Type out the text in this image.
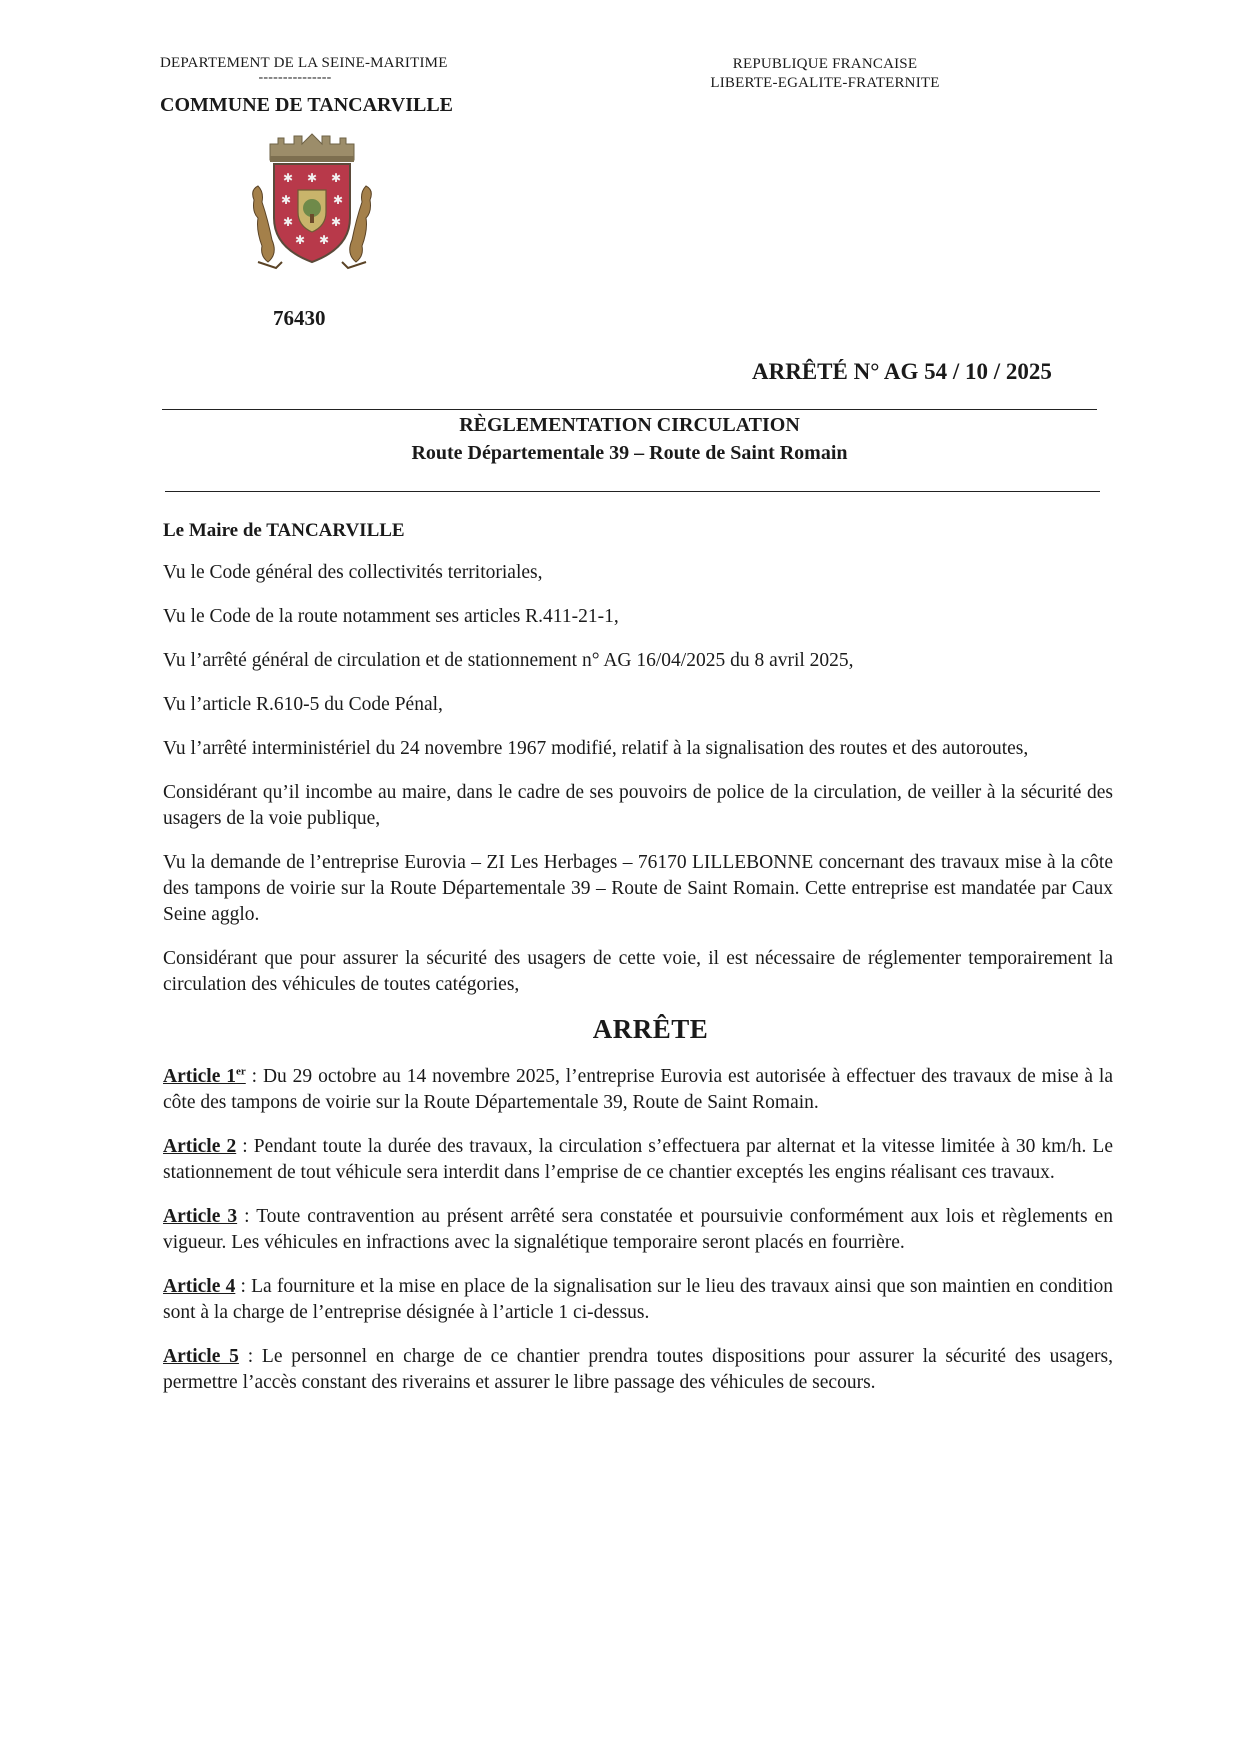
DEPARTEMENT DE LA SEINE-MARITIME
---------------
COMMUNE DE TANCARVILLE
REPUBLIQUE FRANCAISE
LIBERTE-EGALITE-FRATERNITE
✱ ✱ ✱
✱	✱
✱	✱
✱ ✱
76430
ARRÊTÉ N° AG 54 / 10 / 2025
RÈGLEMENTATION CIRCULATION
Route Départementale 39 – Route de Saint Romain
Le Maire de TANCARVILLE

Vu le Code général des collectivités territoriales,

Vu le Code de la route notamment ses articles R.411-21-1,

Vu l’arrêté général de circulation et de stationnement n° AG 16/04/2025 du 8 avril 2025,

Vu l’article R.610-5 du Code Pénal,

Vu l’arrêté interministériel du 24 novembre 1967 modifié, relatif à la signalisation des routes et des autoroutes,

Considérant qu’il incombe au maire, dans le cadre de ses pouvoirs de police de la circulation, de veiller à la sécurité des usagers de la voie publique,

Vu la demande de l’entreprise Eurovia – ZI Les Herbages – 76170 LILLEBONNE concernant des travaux mise à la côte des tampons de voirie sur la Route Départementale 39 – Route de Saint Romain. Cette entreprise est mandatée par Caux Seine agglo.

Considérant que pour assurer la sécurité des usagers de cette voie, il est nécessaire de réglementer temporairement la circulation des véhicules de toutes catégories,

ARRÊTE

Article 1er : Du 29 octobre au 14 novembre 2025, l’entreprise Eurovia est autorisée à effectuer des travaux de mise à la côte des tampons de voirie sur la Route Départementale 39, Route de Saint Romain.

Article 2 : Pendant toute la durée des travaux, la circulation s’effectuera par alternat et la vitesse limitée à 30 km/h. Le stationnement de tout véhicule sera interdit dans l’emprise de ce chantier exceptés les engins réalisant ces travaux.

Article 3 : Toute contravention au présent arrêté sera constatée et poursuivie conformément aux lois et règlements en vigueur. Les véhicules en infractions avec la signalétique temporaire seront placés en fourrière.

Article 4 : La fourniture et la mise en place de la signalisation sur le lieu des travaux ainsi que son maintien en condition sont à la charge de l’entreprise désignée à l’article 1 ci-dessus.

Article 5 : Le personnel en charge de ce chantier prendra toutes dispositions pour assurer la sécurité des usagers, permettre l’accès constant des riverains et assurer le libre passage des véhicules de secours.
